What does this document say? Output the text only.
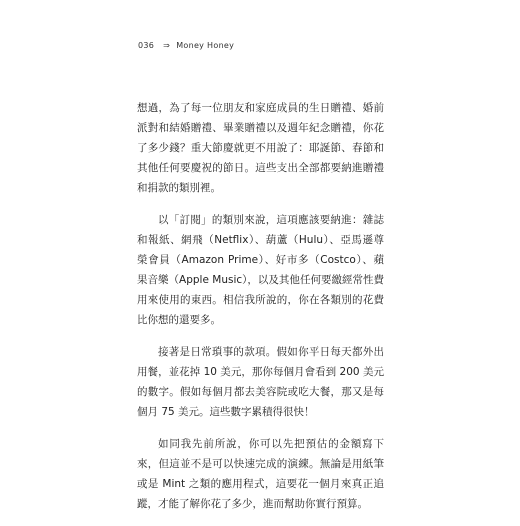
036 ⇒ Money Honey

想過，為了每一位朋友和家庭成員的生日贈禮、婚前派對和結婚贈禮、畢業贈禮以及週年紀念贈禮，你花了多少錢？重大節慶就更不用說了：耶誕節、春節和其他任何要慶祝的節日。這些支出全部都要納進贈禮和捐款的類別裡。

以「訂閱」的類別來說，這項應該要納進：雜誌和報紙、網飛（Netflix）、葫蘆（Hulu）、亞馬遜尊榮會員（Amazon Prime）、好市多（Costco）、蘋果音樂（Apple Music），以及其他任何要繳經常性費用來使用的東西。相信我所說的，你在各類別的花費比你想的還要多。

接著是日常瑣事的款項。假如你平日每天都外出用餐，並花掉 10 美元，那你每個月會看到 200 美元的數字。假如每個月都去美容院或吃大餐，那又是每個月 75 美元。這些數字累積得很快！

如同我先前所說，你可以先把預估的金額寫下來，但這並不是可以快速完成的演練。無論是用紙筆或是 Mint 之類的應用程式，這要花一個月來真正追蹤，才能了解你花了多少，進而幫助你實行預算。
